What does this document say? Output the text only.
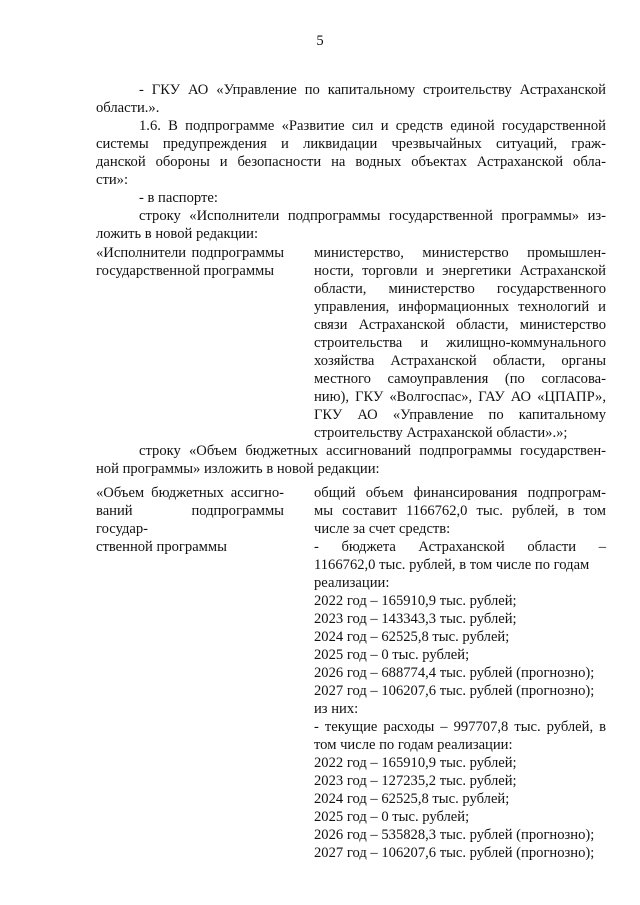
5
- ГКУ АО «Управление по капитальному строительству Астраханской
области.».
1.6. В подпрограмме «Развитие сил и средств единой государственной
системы предупреждения и ликвидации чрезвычайных ситуаций, граж-
данской обороны и безопасности на водных объектах Астраханской обла-
сти»:
- в паспорте:
строку «Исполнители подпрограммы государственной программы» из-
ложить в новой редакции:
«Исполнители подпрограммы
государственной программы
министерство, министерство промышлен-
ности, торговли и энергетики Астраханской
области, министерство государственного
управления, информационных технологий и
связи Астраханской области, министерство
строительства и жилищно-коммунального
хозяйства Астраханской области, органы
местного самоуправления (по согласова-
нию), ГКУ «Волгоспас», ГАУ АО «ЦПАПР»,
ГКУ АО «Управление по капитальному
строительству Астраханской области».»;
строку «Объем бюджетных ассигнований подпрограммы государствен-
ной программы» изложить в новой редакции:
«Объем бюджетных ассигно-
ваний подпрограммы государ-
ственной программы
общий объем финансирования подпрограм-
мы составит 1166762,0 тыс. рублей, в том
числе за счет средств:
- бюджета Астраханской области –
1166762,0 тыс. рублей, в том числе по годам
реализации:
2022 год – 165910,9 тыс. рублей;
2023 год – 143343,3 тыс. рублей;
2024 год – 62525,8 тыс. рублей;
2025 год – 0 тыс. рублей;
2026 год – 688774,4 тыс. рублей (прогнозно);
2027 год – 106207,6 тыс. рублей (прогнозно);
из них:
- текущие расходы – 997707,8 тыс. рублей, в
том числе по годам реализации:
2022 год – 165910,9 тыс. рублей;
2023 год – 127235,2 тыс. рублей;
2024 год – 62525,8 тыс. рублей;
2025 год – 0 тыс. рублей;
2026 год – 535828,3 тыс. рублей (прогнозно);
2027 год – 106207,6 тыс. рублей (прогнозно);
